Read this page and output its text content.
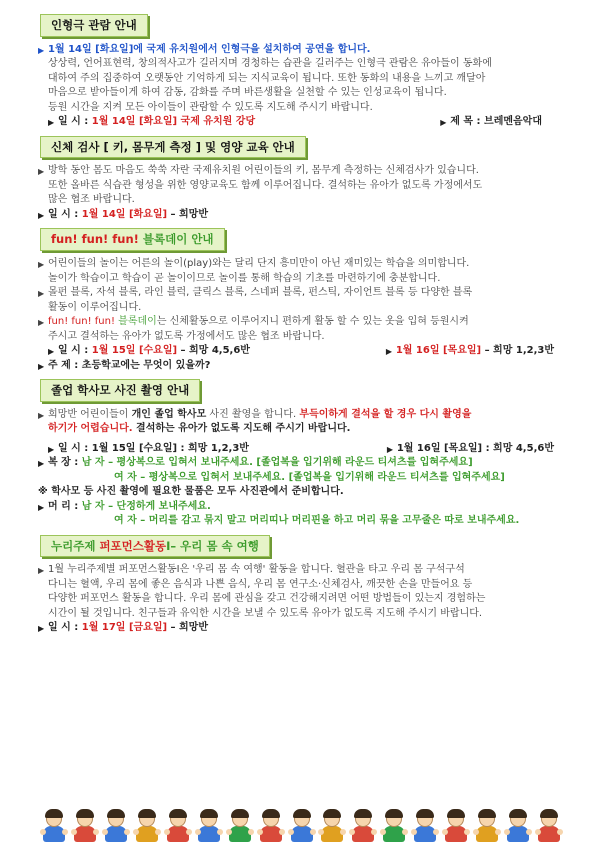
인형극 관람 안내
▶ 1월 14일 [화요일]에 국제 유치원에서 인형극을 설치하여 공연을 합니다.
상상력, 언어표현력, 창의적사고가 길러지며 경청하는 습관을 길러주는 인형극 관람은 유아들이 동화에
대하여 주의 집중하여 오랫동안 기억하게 되는 지식교육이 됩니다. 또한 동화의 내용을 느끼고 깨달아
마음으로 받아들이게 하여 감동, 감화를 주며 바른생활을 실천할 수 있는 인성교육이 됩니다.
등원 시간을 지켜 모든 아이들이 관람할 수 있도록 지도해 주시기 바랍니다.
▶ 일 시 : 1월 14일 [화요일] 국제 유치원 강당	▶ 제 목 : 브레멘음악대
신체 검사 [ 키, 몸무게 측정 ] 및 영양 교육 안내
▶ 방학 동안 몸도 마음도 쑥쑥 자란 국제유치원 어린이들의 키, 몸무게 측정하는 신체검사가 있습니다.
또한 올바른 식습관 형성을 위한 영양교육도 함께 이루어집니다. 결석하는 유아가 없도록 가정에서도
많은 협조 바랍니다.
▶ 일 시 : 1월 14일 [화요일] – 희망반
fun! fun! fun! 블록데이 안내
▶ 어린이들의 놀이는 어른의 놀이(play)와는 달리 단지 흥미만이 아닌 재미있는 학습을 의미합니다.
놀이가 학습이고 학습이 곧 놀이이므로 놀이를 통해 학습의 기초를 마련하기에 충분합니다.
▶ 몰펀 블록, 자석 블록, 라인 블럭, 클릭스 블록, 스네퍼 블록, 펀스틱, 자이언트 블록 등 다양한 블록
활동이 이루어집니다.
▶ fun! fun! fun! 블록데이는 신체활동으로 이루어지니 편하게 활동 할 수 있는 옷을 입혀 등원시켜
주시고 결석하는 유아가 없도록 가정에서도 많은 협조 바랍니다.
▶ 일 시 : 1월 15일 [수요일] – 희망 4,5,6반	▶ 1월 16일 [목요일] – 희망 1,2,3반
▶ 주 제 : 초등학교에는 무엇이 있을까?
졸업 학사모 사진 촬영 안내
▶ 희망반 어린이들이 개인 졸업 학사모 사진 촬영을 합니다. 부득이하게 결석을 할 경우 다시 촬영을
하기가 어렵습니다. 결석하는 유아가 없도록 지도해 주시기 바랍니다.
▶ 일 시 : 1월 15일 [수요일] : 희망 1,2,3반	▶ 1월 16일 [목요일] : 희망 4,5,6반
▶ 복 장 : 남 자 – 평상복으로 입혀서 보내주세요. [졸업복을 입기위해 라운드 티셔츠를 입혀주세요]
여 자 – 평상복으로 입혀서 보내주세요. [졸업복을 입기위해 라운드 티셔츠를 입혀주세요]
※ 학사모 등 사진 촬영에 필요한 물품은 모두 사진관에서 준비합니다.
▶ 머 리 : 남 자 – 단정하게 보내주세요.
여 자 – 머리를 감고 묶지 말고 머리띠나 머리핀을 하고 머리 묶을 고무줄은 따로 보내주세요.
누리주제 퍼포먼스활동Ⅰ– 우리 몸 속 여행
▶ 1월 누리주제별 퍼포먼스활동Ⅰ은 '우리 몸 속 여행' 활동을 합니다. 혈관을 타고 우리 몸 구석구석
다니는 혈액, 우리 몸에 좋은 음식과 나쁜 음식, 우리 몸 연구소·신체검사, 깨끗한 손을 만들어요 등
다양한 퍼포먼스 활동을 합니다. 우리 몸에 관심을 갖고 건강해지려면 어떤 방법들이 있는지 경험하는
시간이 될 것입니다. 친구들과 유익한 시간을 보낼 수 있도록 유아가 없도록 지도해 주시기 바랍니다.
▶ 일 시 : 1월 17일 [금요일] – 희망반
